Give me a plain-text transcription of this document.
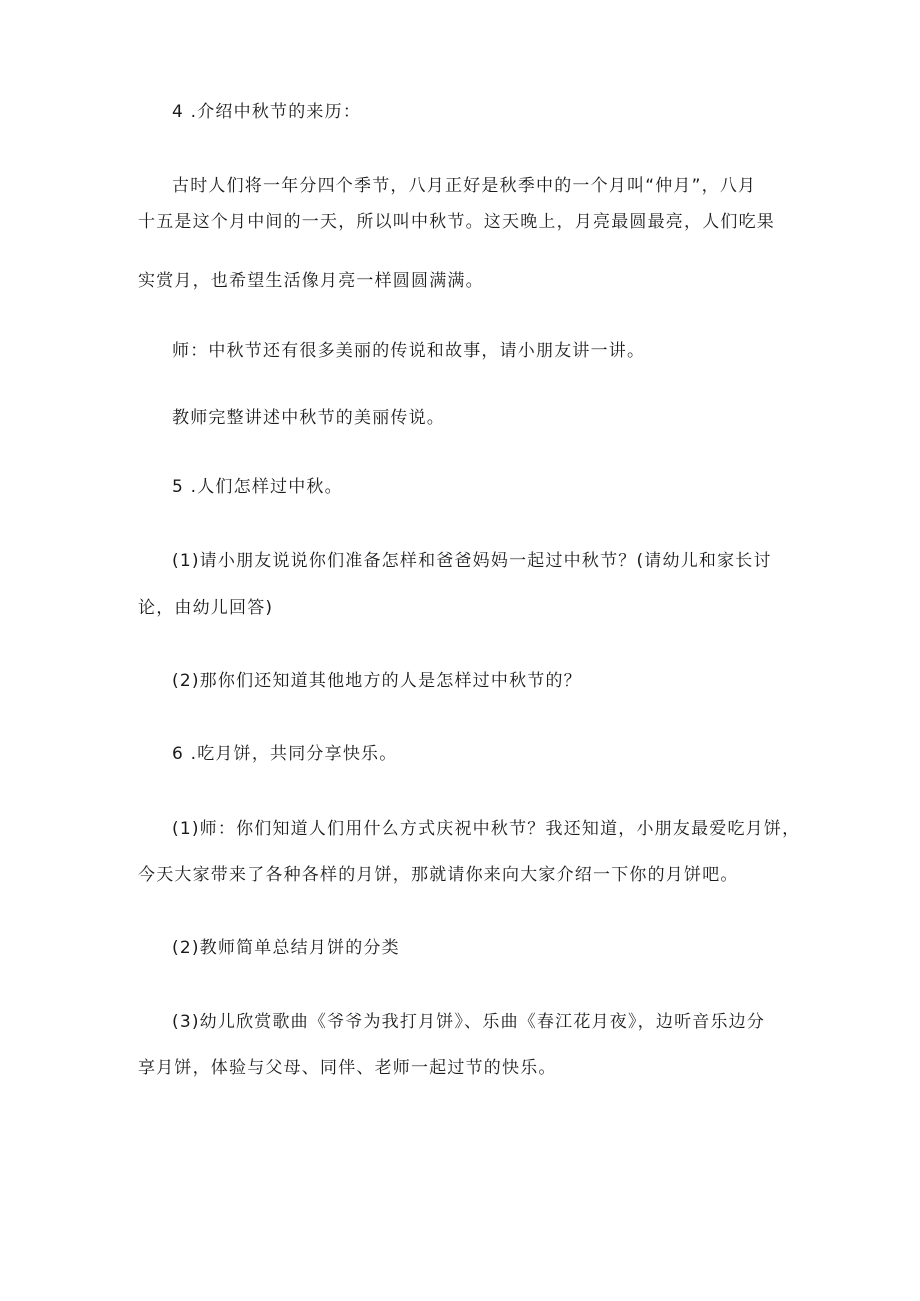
4 .介绍中秋节的来历：
古时人们将一年分四个季节，八月正好是秋季中的一个月叫“仲月”，八月
十五是这个月中间的一天，所以叫中秋节。这天晚上，月亮最圆最亮，人们吃果
实赏月，也希望生活像月亮一样圆圆满满。
师：中秋节还有很多美丽的传说和故事，请小朋友讲一讲。
教师完整讲述中秋节的美丽传说。
5 .人们怎样过中秋。
(1)请小朋友说说你们准备怎样和爸爸妈妈一起过中秋节？(请幼儿和家长讨
论，由幼儿回答)
(2)那你们还知道其他地方的人是怎样过中秋节的？
6 .吃月饼，共同分享快乐。
(1)师：你们知道人们用什么方式庆祝中秋节？我还知道，小朋友最爱吃月饼，
今天大家带来了各种各样的月饼，那就请你来向大家介绍一下你的月饼吧。
(2)教师简单总结月饼的分类
(3)幼儿欣赏歌曲《爷爷为我打月饼》、乐曲《春江花月夜》，边听音乐边分
享月饼，体验与父母、同伴、老师一起过节的快乐。
